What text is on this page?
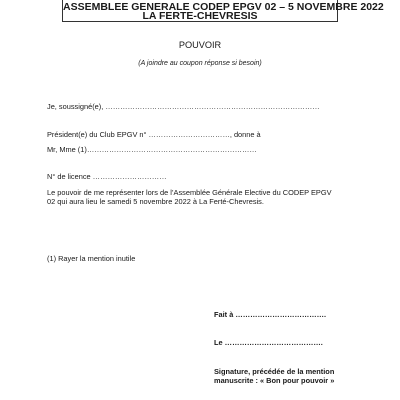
ASSEMBLEE GENERALE CODEP EPGV 02 – 5 NOVEMBRE 2022
LA FERTE-CHEVRESIS
POUVOIR
(A joindre au coupon réponse si besoin)
Je, soussigné(e), ……………………………………………………………………………
Président(e) du Club EPGV n° ……………………………, donne à
Mr, Mme (1)……………………………………………………………
N° de licence …………………………
Le pouvoir de me représenter lors de l’Assemblée Générale Elective du CODEP EPGV
02 qui aura lieu le samedi 5 novembre 2022 à La Ferté-Chevresis.
(1) Rayer la mention inutile
Fait à ……………………………….
Le ………………………………….
Signature, précédée de la mention
manuscrite : « Bon pour pouvoir »
